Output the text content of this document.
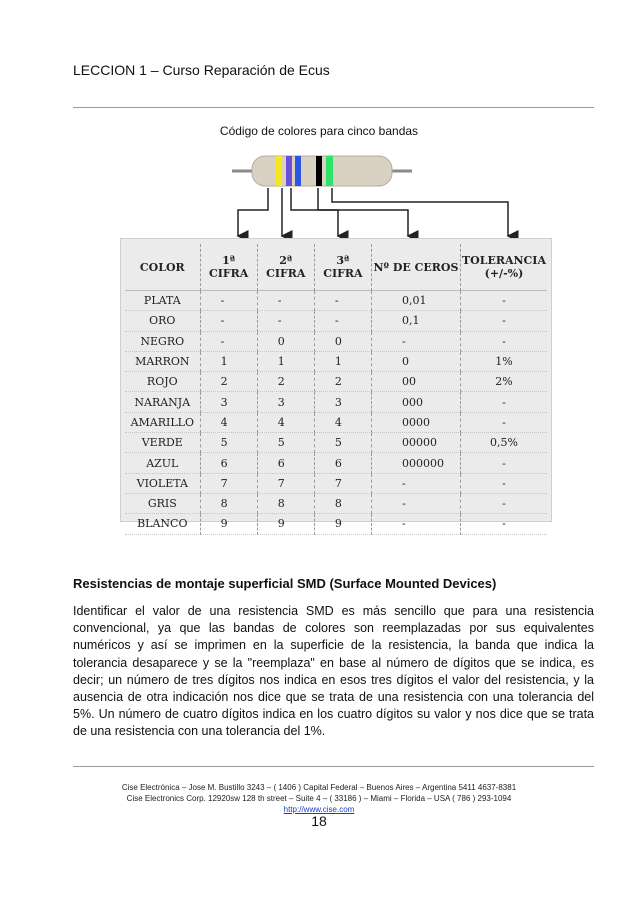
LECCION 1 – Curso Reparación de Ecus
Código de colores para cinco bandas
COLOR	1ª CIFRA	2ª CIFRA	3ª CIFRA	Nº DE CEROS	TOLERANCIA (+/-%)
PLATA	-	-	-	0,01	-
ORO	-	-	-	0,1	-
NEGRO	-	0	0	-	-
MARRON	1	1	1	0	1%
ROJO	2	2	2	00	2%
NARANJA	3	3	3	000	-
AMARILLO	4	4	4	0000	-
VERDE	5	5	5	00000	0,5%
AZUL	6	6	6	000000	-
VIOLETA	7	7	7	-	-
GRIS	8	8	8	-	-
BLANCO	9	9	9	-	-
Resistencias de montaje superficial SMD (Surface Mounted Devices)
Identificar el valor de una resistencia SMD es más sencillo que para una resistencia convencional, ya que las bandas de colores son reemplazadas por sus equivalentes numéricos y así se imprimen en la superficie de la resistencia, la banda que indica la tolerancia desaparece y se la "reemplaza" en base al número de dígitos que se indica, es decir; un número de tres dígitos nos indica en esos tres dígitos el valor del resistencia, y la ausencia de otra indicación nos dice que se trata de una resistencia con una tolerancia del 5%. Un número de cuatro dígitos indica en los cuatro dígitos su valor y nos dice que se trata de una resistencia con una tolerancia del 1%.
Cise Electrónica – Jose M. Bustillo 3243 – ( 1406 ) Capital Federal – Buenos Aires – Argentina 5411 4637-8381
Cise Electronics Corp. 12920sw 128 th street – Suite 4 – ( 33186 ) – Miami – Florida – USA ( 786 ) 293-1094
http://www.cise.com
18
